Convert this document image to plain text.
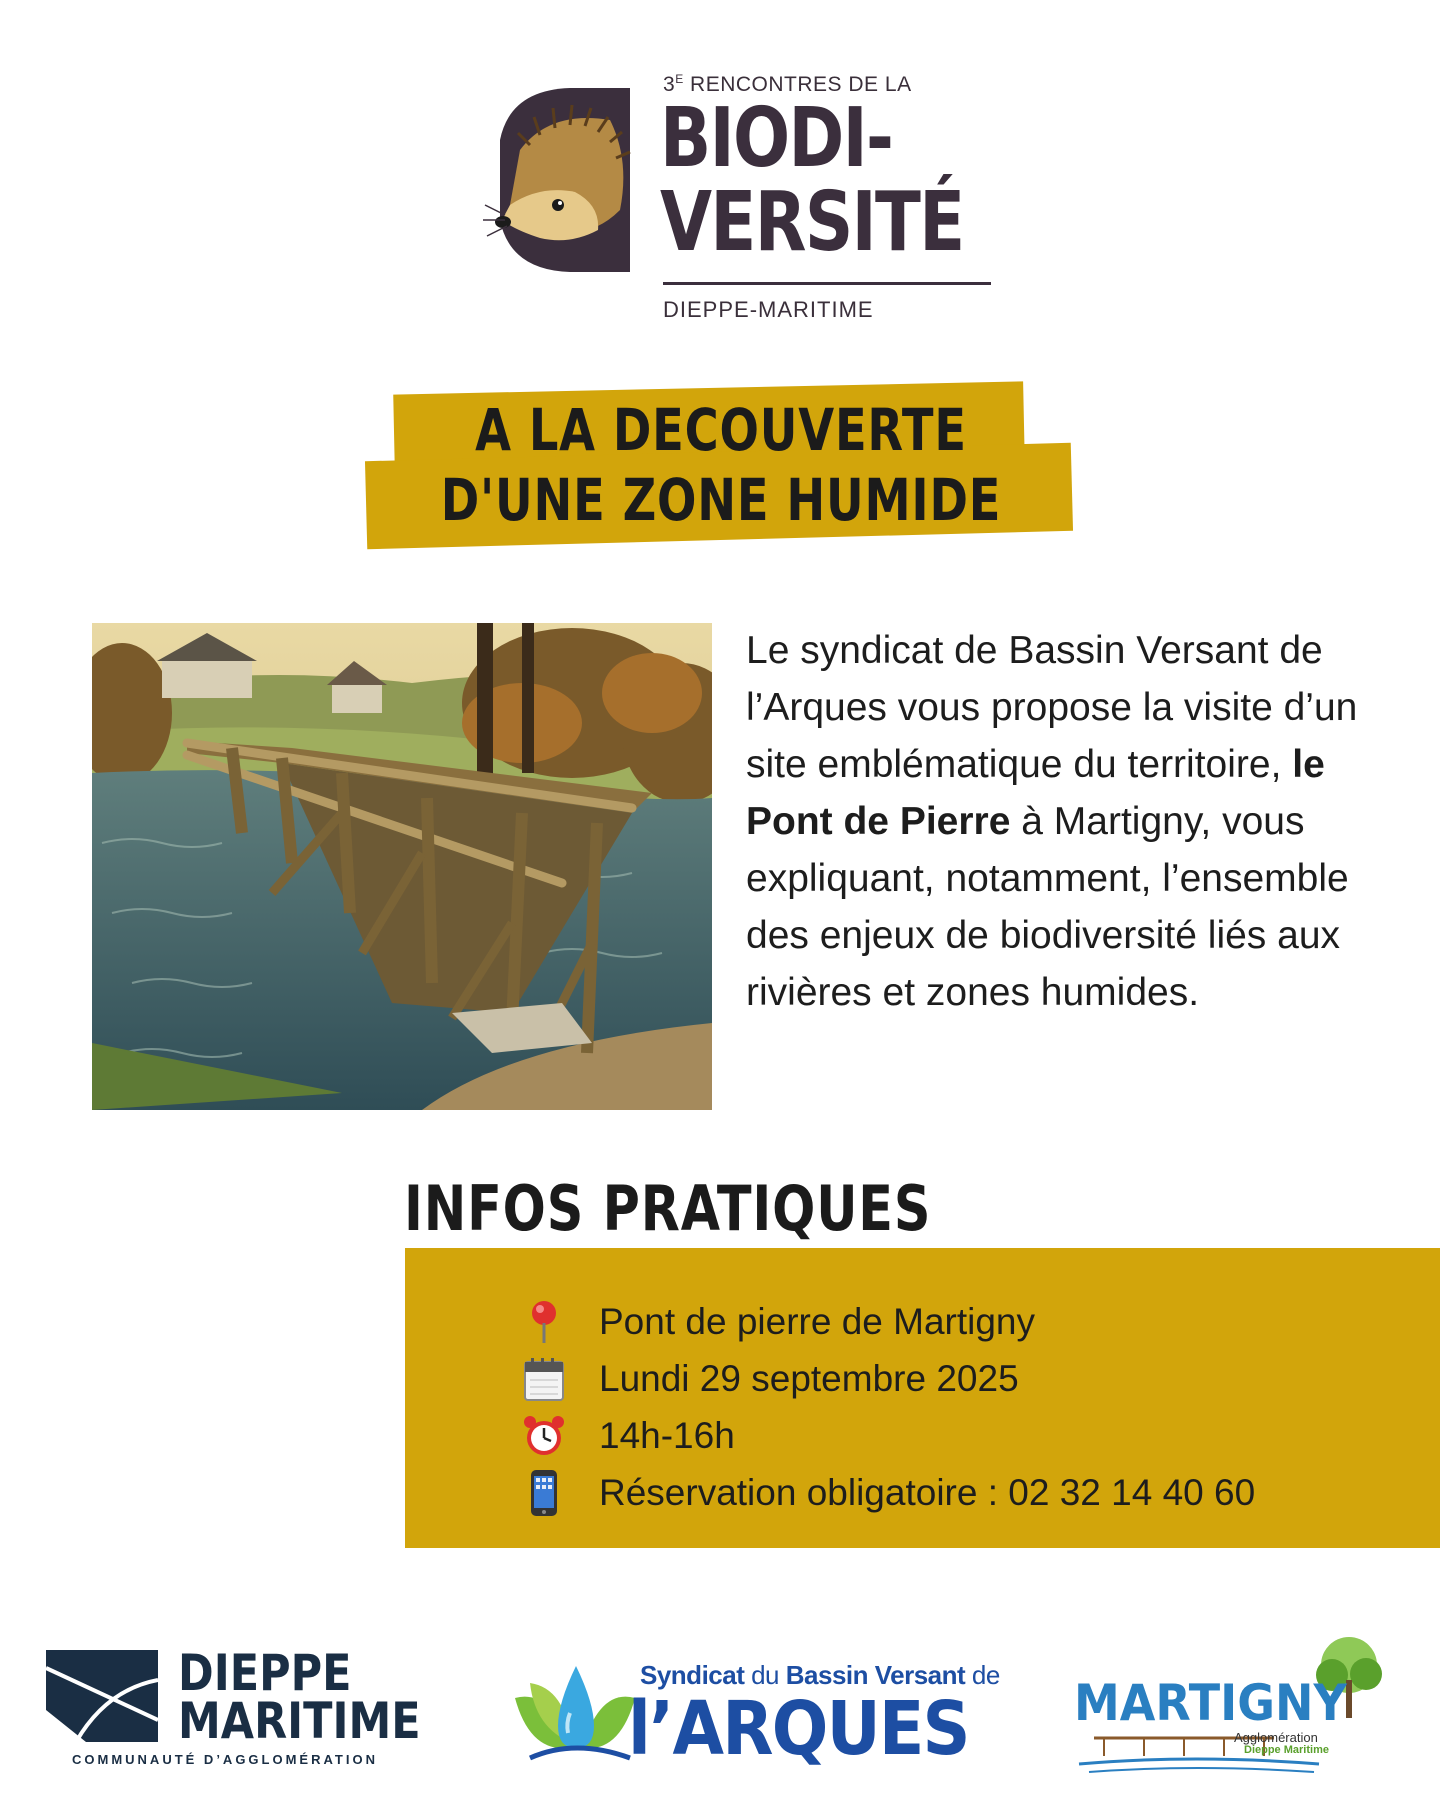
$3^E$ RENCONTRES DE LA
BIODI-
VERSITÉ
DIEPPE-MARITIME
A LA DECOUVERTE
D'UNE ZONE HUMIDE
Le syndicat de Bassin Versant de l’Arques vous propose la visite d’un site emblématique du territoire, le Pont de Pierre à Martigny, vous expliquant, notamment, l’ensemble des enjeux de biodiversité liés aux rivières et zones humides.
INFOS PRATIQUES
Pont de pierre de Martigny
Lundi 29 septembre 2025
14h-16h
Réservation obligatoire : 02 32 14 40 60
DIEPPE
MARITIME
COMMUNAUTÉ D’AGGLOMÉRATION
Syndicat du Bassin Versant de
l’ARQUES MARTIGNY
Agglomération
Dieppe Maritime
